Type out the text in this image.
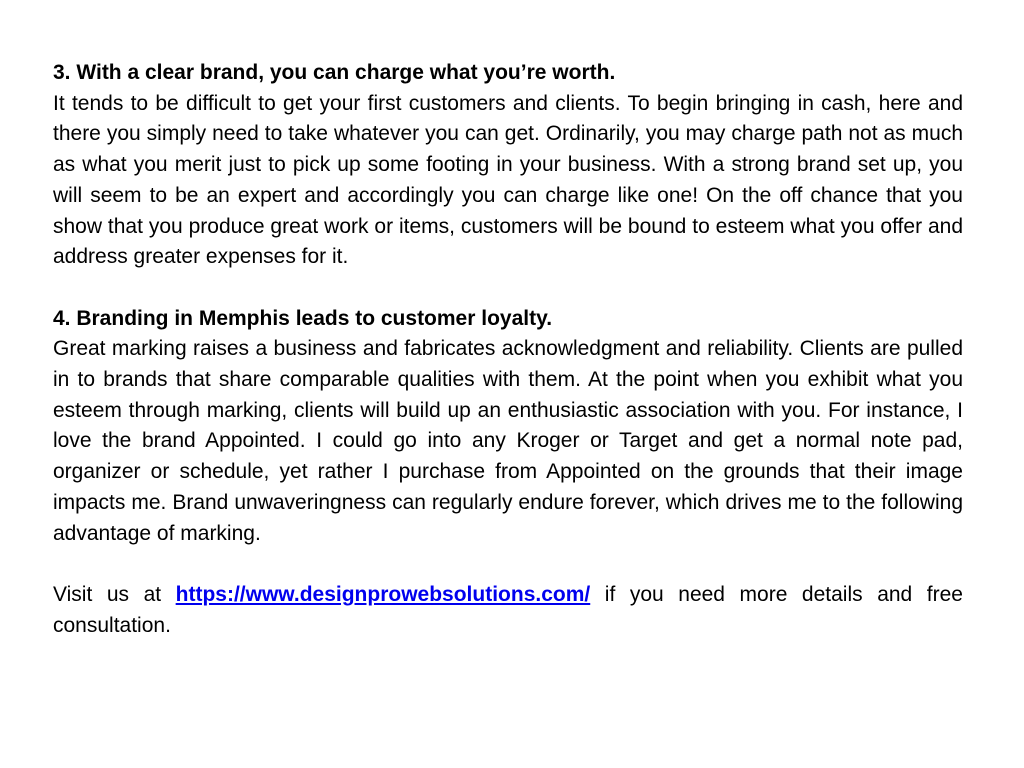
3. With a clear brand, you can charge what you’re worth.

It tends to be difficult to get your first customers and clients. To begin bringing in cash, here and there you simply need to take whatever you can get. Ordinarily, you may charge path not as much as what you merit just to pick up some footing in your business. With a strong brand set up, you will seem to be an expert and accordingly you can charge like one! On the off chance that you show that you produce great work or items, customers will be bound to esteem what you offer and address greater expenses for it.

4. Branding in Memphis leads to customer loyalty.

Great marking raises a business and fabricates acknowledgment and reliability. Clients are pulled in to brands that share comparable qualities with them. At the point when you exhibit what you esteem through marking, clients will build up an enthusiastic association with you. For instance, I love the brand Appointed. I could go into any Kroger or Target and get a normal note pad, organizer or schedule, yet rather I purchase from Appointed on the grounds that their image impacts me. Brand unwaveringness can regularly endure forever, which drives me to the following advantage of marking.

Visit us at https://www.designprowebsolutions.com/ if you need more details and free consultation.
